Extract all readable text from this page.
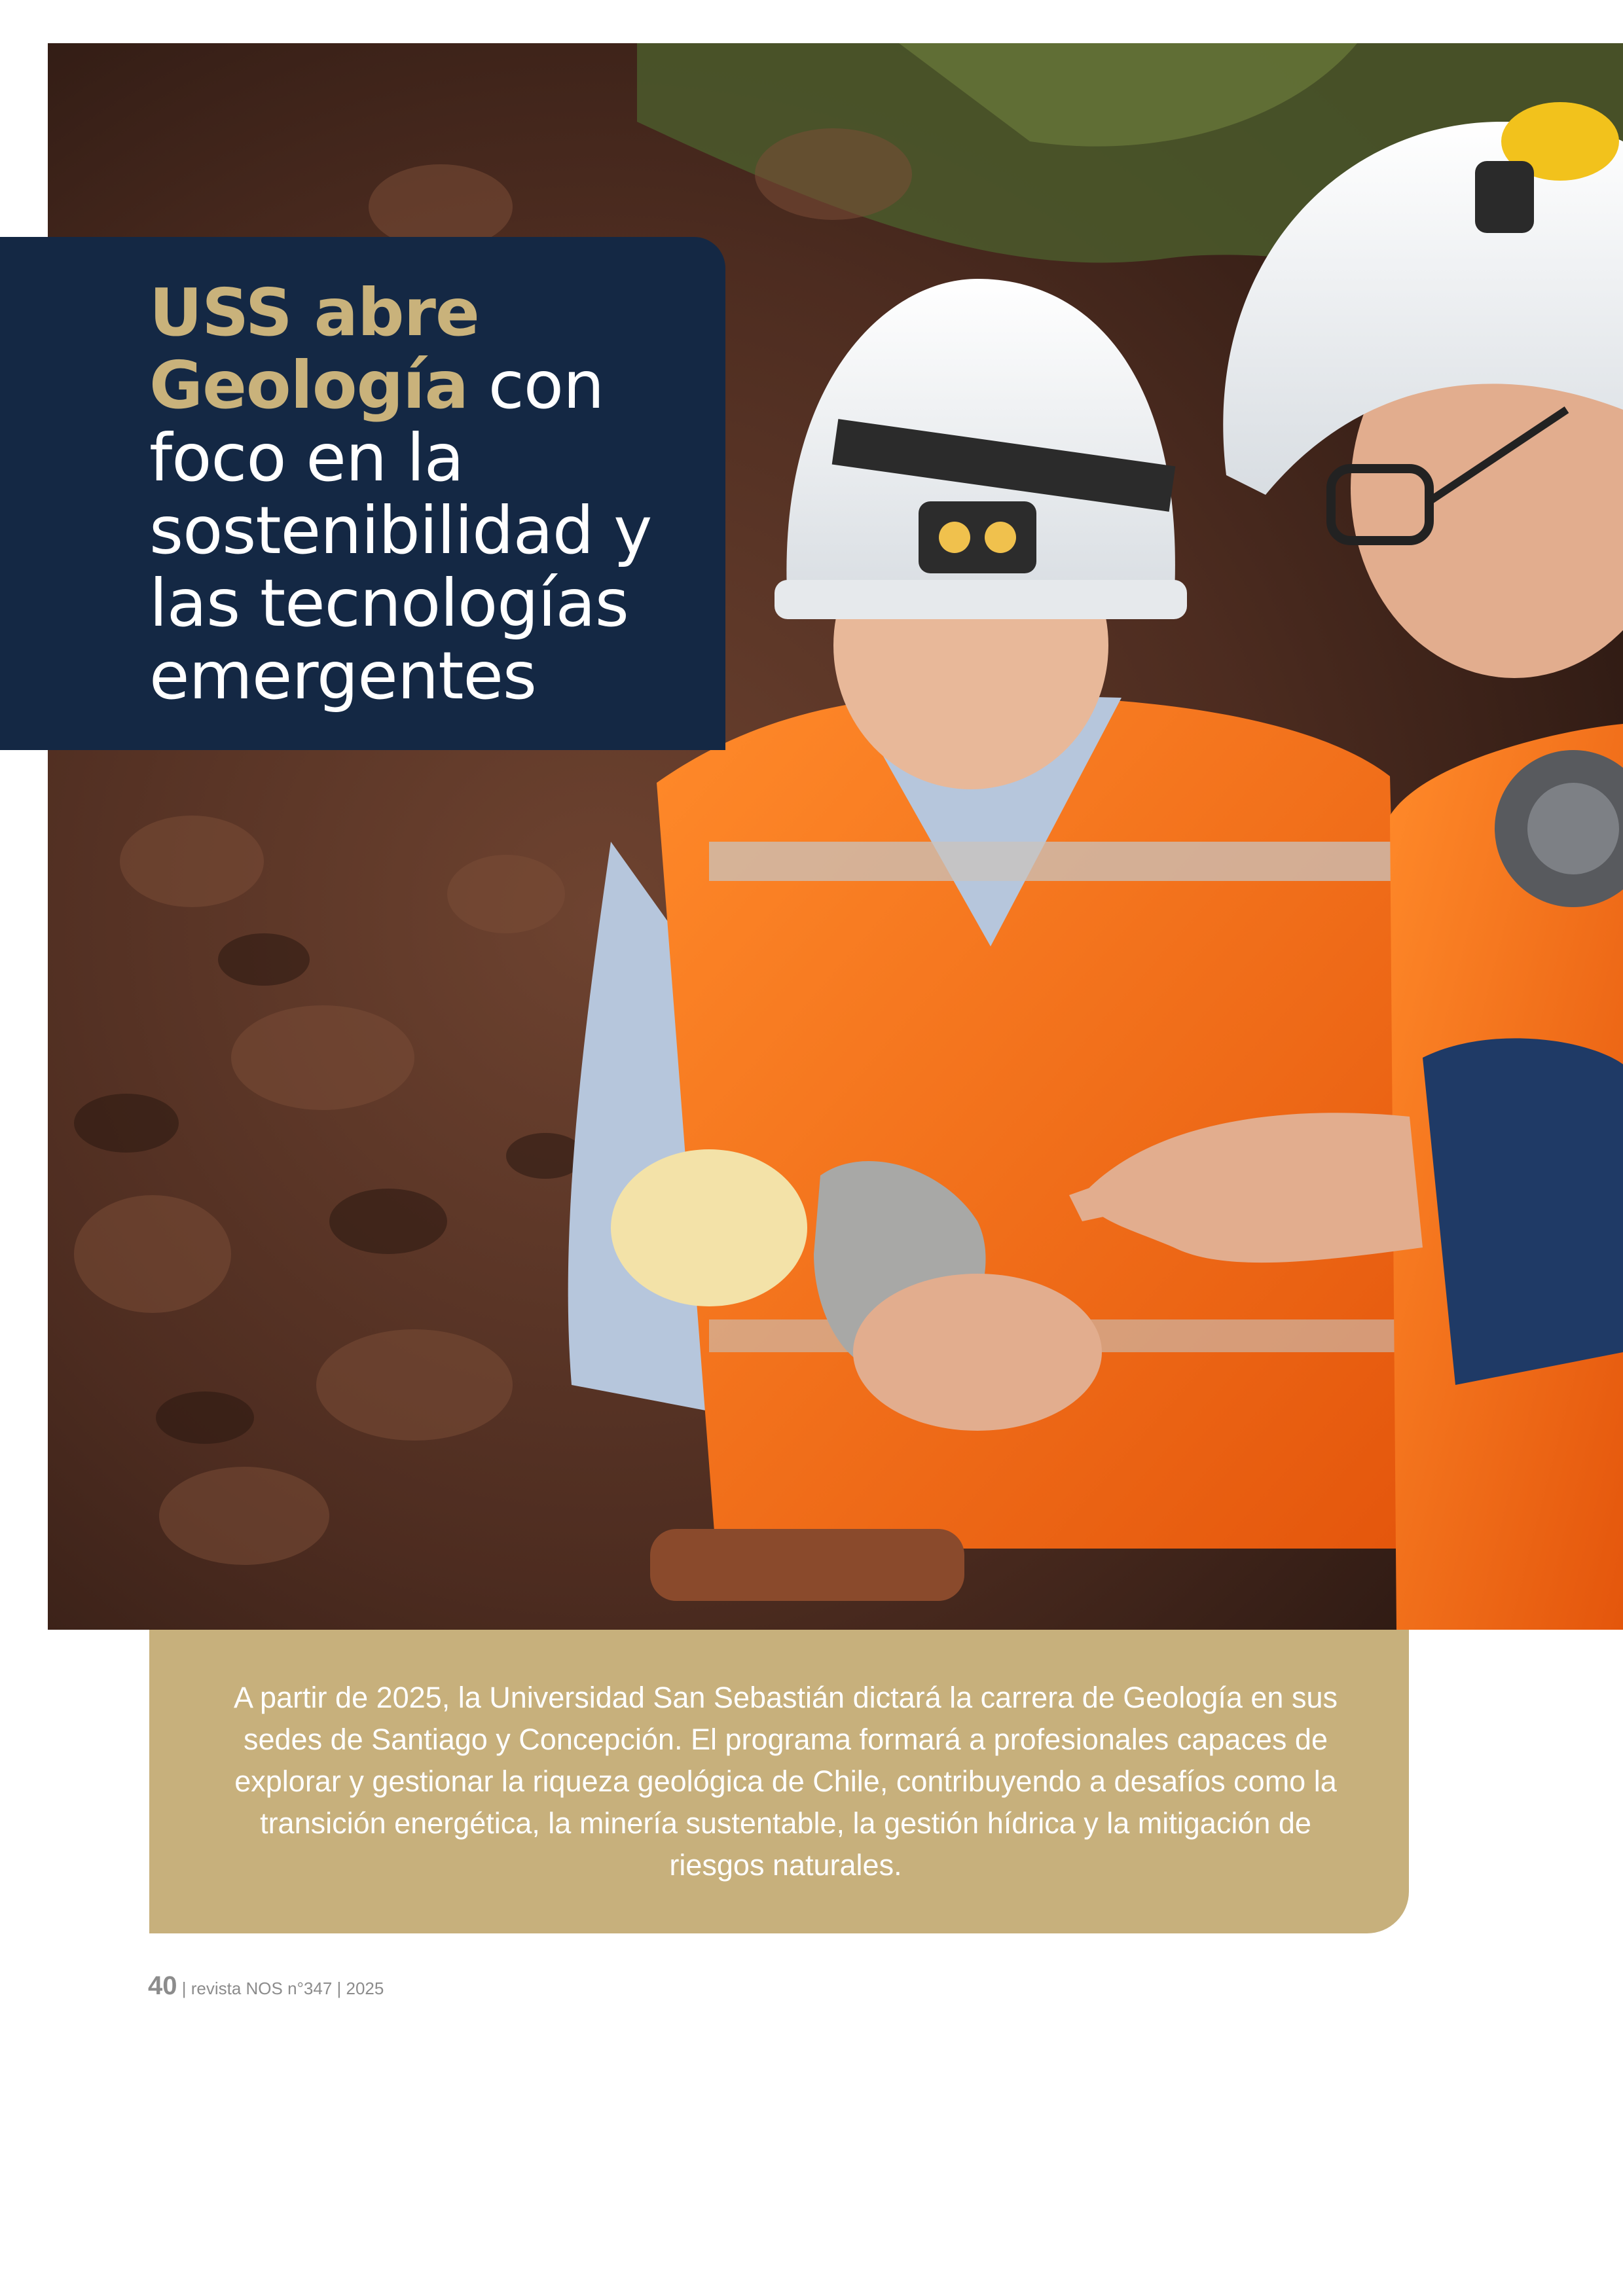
USS abre Geología con foco en la sostenibilidad y las tecnologías emergentes

A partir de 2025, la Universidad San Sebastián dictará la carrera de Geología en sus sedes de Santiago y Concepción. El programa formará a profesionales capaces de explorar y gestionar la riqueza geológica de Chile, contribuyendo a desafíos como la transición energética, la minería sustentable, la gestión hídrica y la mitigación de riesgos naturales.

40 | revista NOS n°347 | 2025
